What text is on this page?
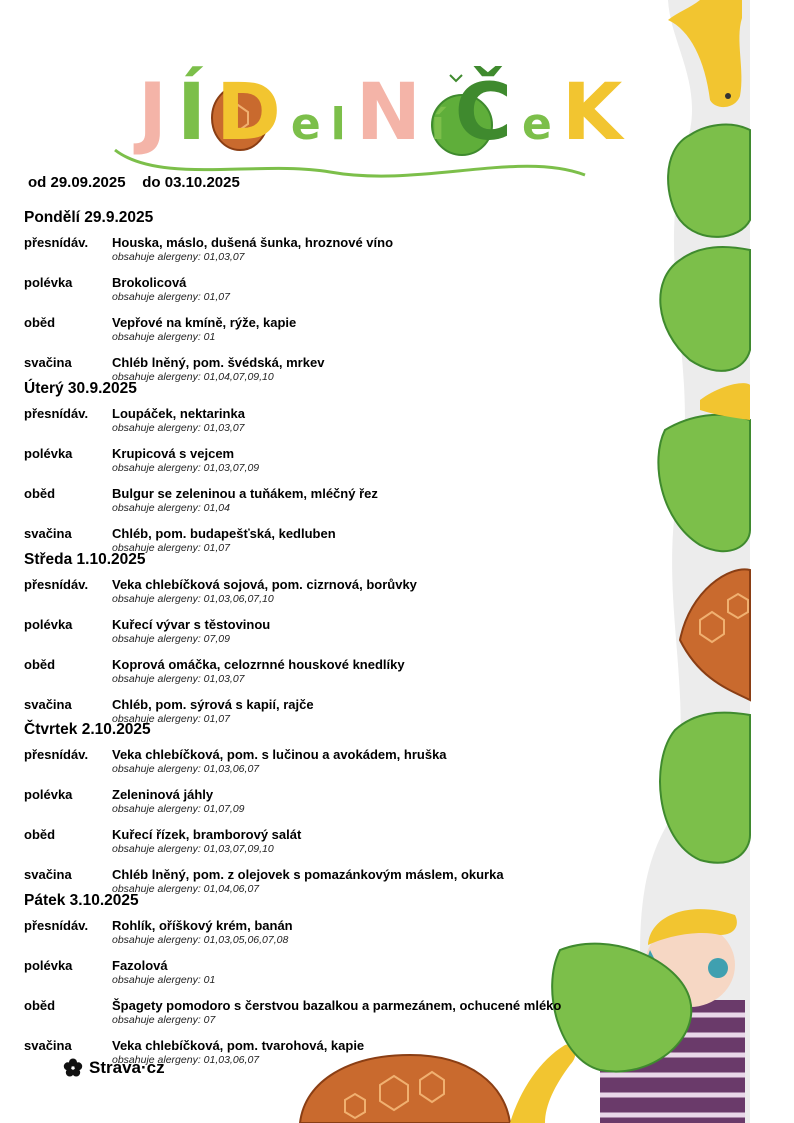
JÍD e lN íČ eK
od 29.09.2025 do 03.10.2025
Pondělí 29.9.2025
přesnídáv. Houska, máslo, dušená šunka, hroznové víno
obsahuje alergeny: 01,03,07
polévka	Brokolicová
obsahuje alergeny: 01,07
oběd	Vepřové na kmíně, rýže, kapie
obsahuje alergeny: 01
svačina	Chléb lněný, pom. švédská, mrkev
obsahuje alergeny: 01,04,07,09,10
Úterý 30.9.2025
přesnídáv. Loupáček, nektarinka
obsahuje alergeny: 01,03,07
polévka	Krupicová s vejcem
obsahuje alergeny: 01,03,07,09
oběd	Bulgur se zeleninou a tuňákem, mléčný řez
obsahuje alergeny: 01,04
svačina	Chléb, pom. budapešťská, kedluben
obsahuje alergeny: 01,07
Středa 1.10.2025
přesnídáv. Veka chlebíčková sojová, pom. cizrnová, borůvky
obsahuje alergeny: 01,03,06,07,10
polévka	Kuřecí vývar s těstovinou
obsahuje alergeny: 07,09
oběd	Koprová omáčka, celozrnné houskové knedlíky
obsahuje alergeny: 01,03,07
svačina	Chléb, pom. sýrová s kapií, rajče
obsahuje alergeny: 01,07
Čtvrtek 2.10.2025
přesnídáv. Veka chlebíčková, pom. s lučinou a avokádem, hruška
obsahuje alergeny: 01,03,06,07
polévka	Zeleninová jáhly
obsahuje alergeny: 01,07,09
oběd	Kuřecí řízek, bramborový salát
obsahuje alergeny: 01,03,07,09,10
svačina	Chléb lněný, pom. z olejovek s pomazánkovým máslem, okurka
obsahuje alergeny: 01,04,06,07
Pátek 3.10.2025
přesnídáv. Rohlík, oříškový krém, banán
obsahuje alergeny: 01,03,05,06,07,08
polévka	Fazolová
obsahuje alergeny: 01
oběd	Špagety pomodoro s čerstvou bazalkou a parmezánem, ochucené mléko
obsahuje alergeny: 07
svačina	Veka chlebíčková, pom. tvarohová, kapie
obsahuje alergeny: 01,03,06,07
Strava·cz
